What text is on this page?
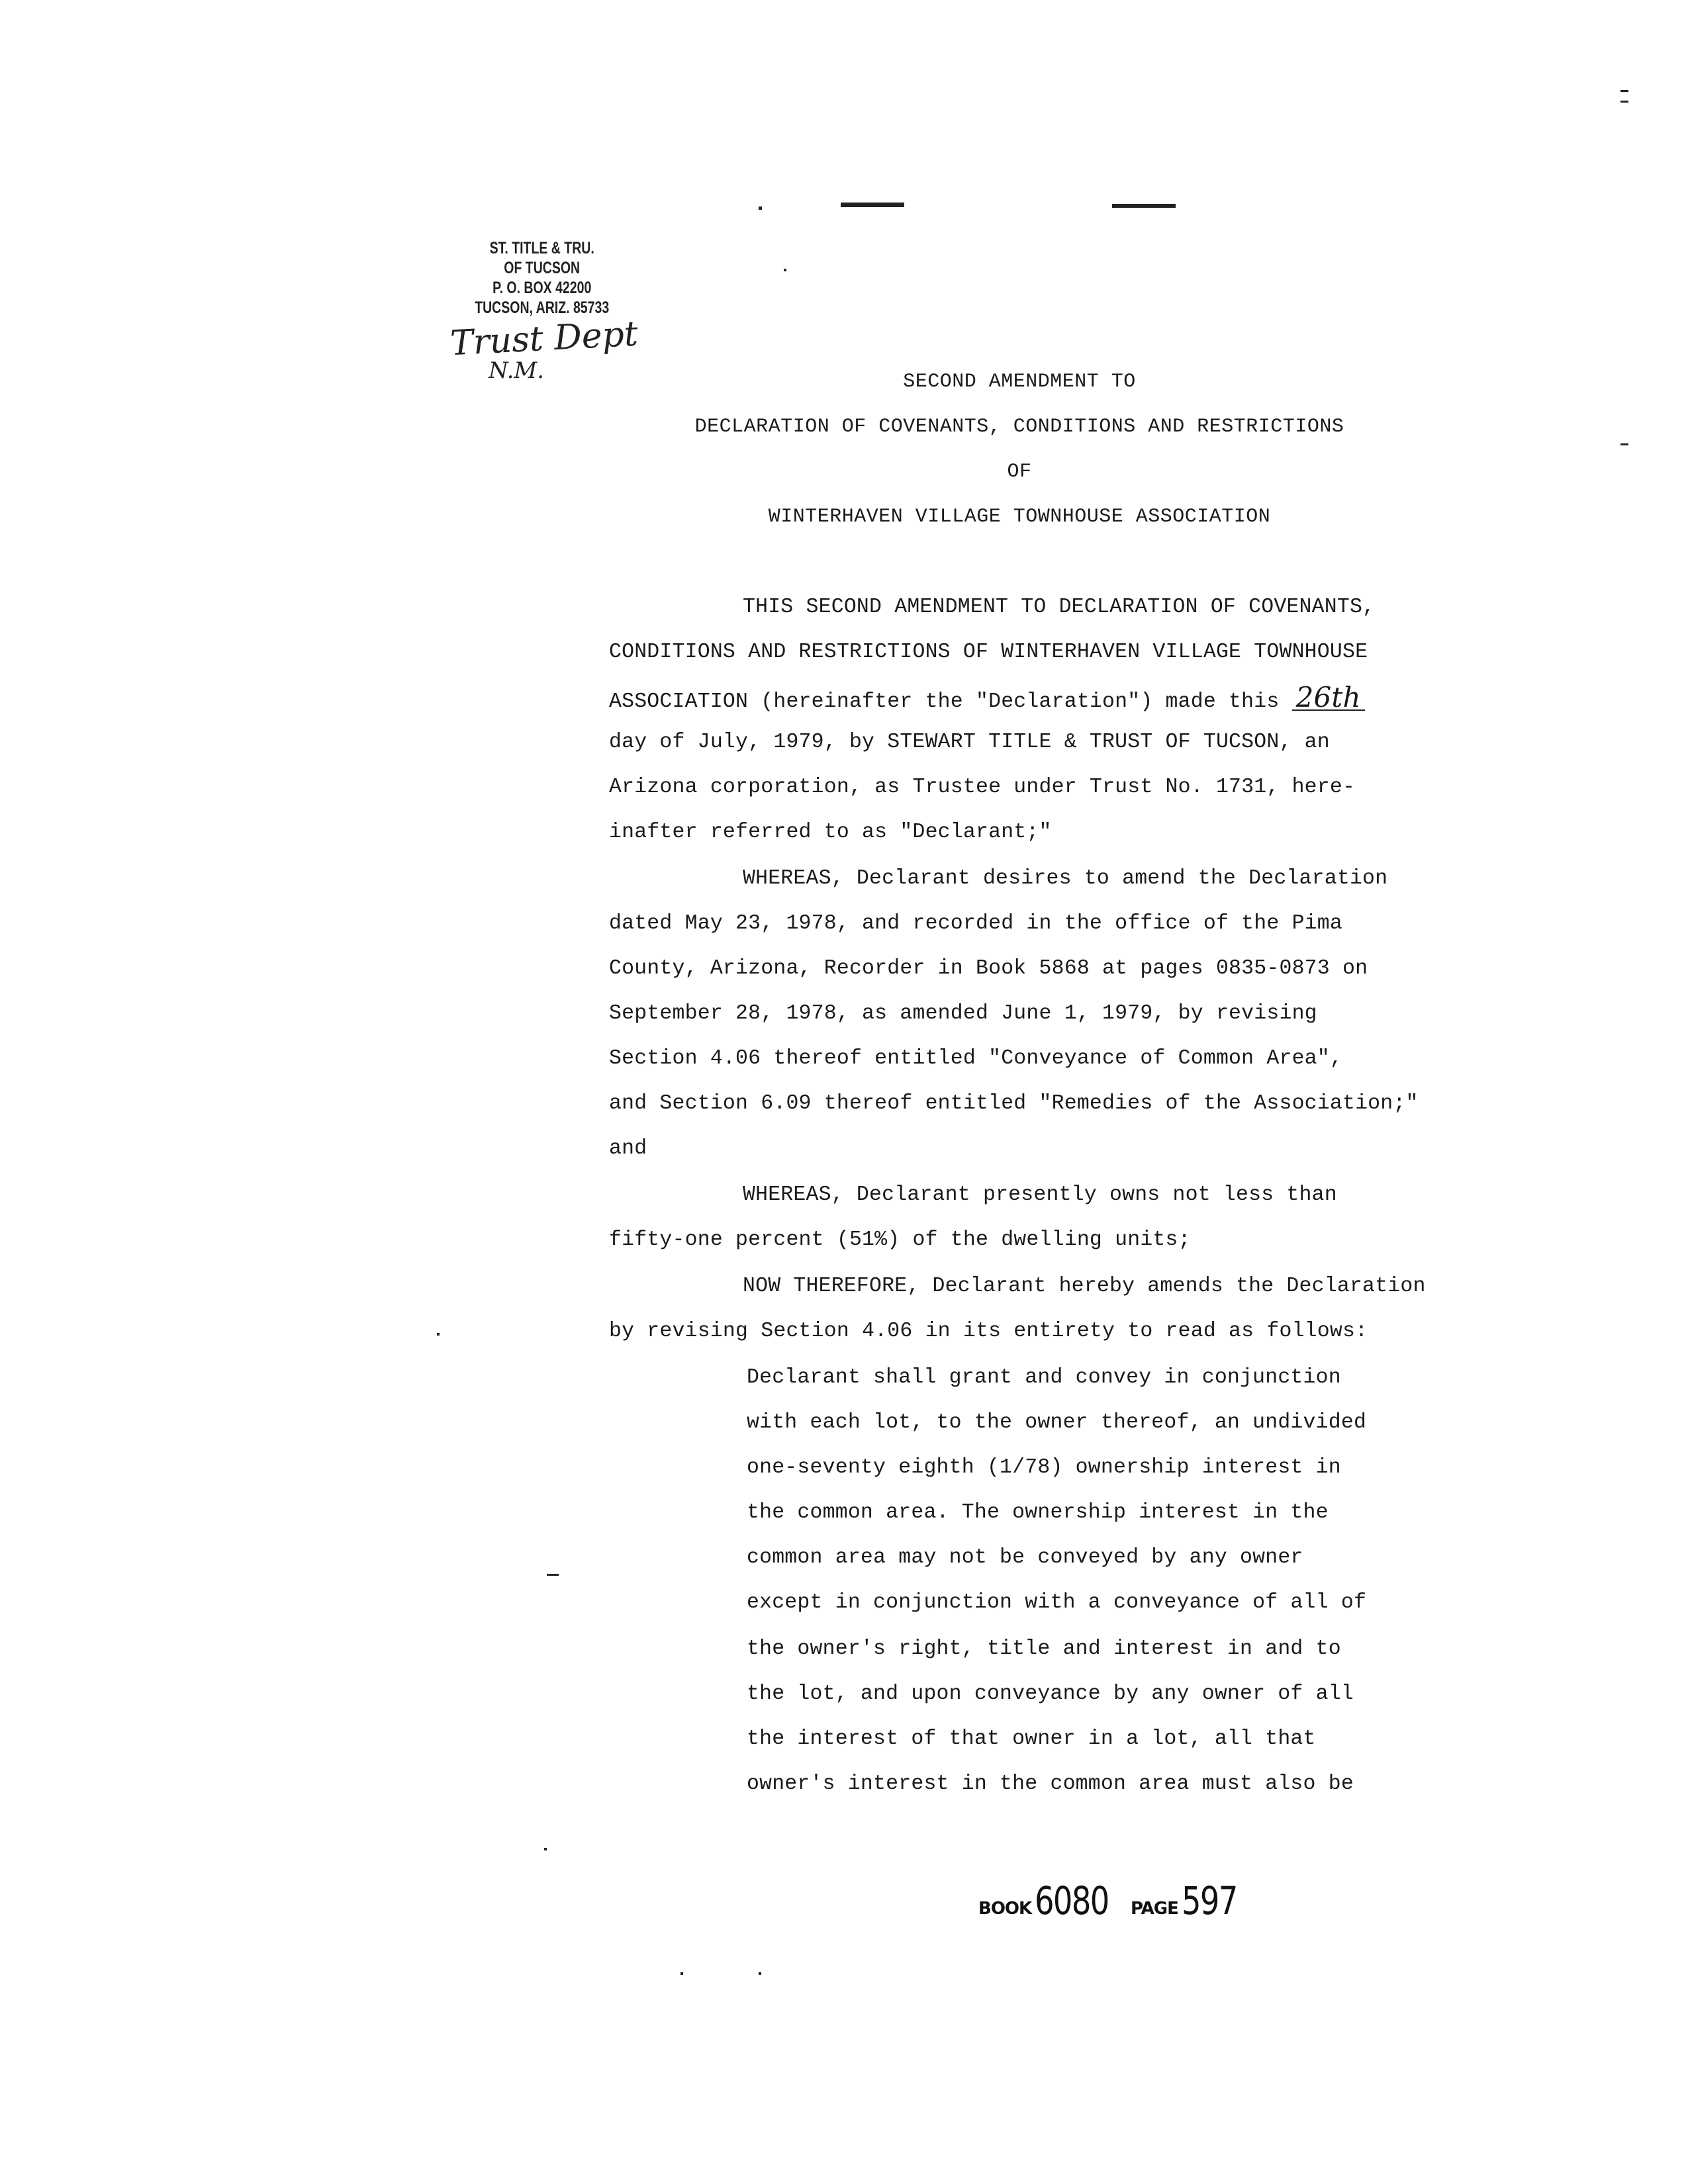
ST. TITLE & TRU.
OF TUCSON
P. O. BOX 42200
TUCSON, ARIZ. 85733
Trust Dept
N.M.	SECOND AMENDMENT TO
DECLARATION OF COVENANTS, CONDITIONS AND RESTRICTIONS
OF
WINTERHAVEN VILLAGE TOWNHOUSE ASSOCIATION
THIS SECOND AMENDMENT TO DECLARATION OF COVENANTS,
CONDITIONS AND RESTRICTIONS OF WINTERHAVEN VILLAGE TOWNHOUSE
ASSOCIATION (hereinafter the "Declaration") made this 26th
day of July, 1979, by STEWART TITLE & TRUST OF TUCSON, an
Arizona corporation, as Trustee under Trust No. 1731, here-
inafter referred to as "Declarant;"
WHEREAS, Declarant desires to amend the Declaration
dated May 23, 1978, and recorded in the office of the Pima
County, Arizona, Recorder in Book 5868 at pages 0835-0873 on
September 28, 1978, as amended June 1, 1979, by revising
Section 4.06 thereof entitled "Conveyance of Common Area",
and Section 6.09 thereof entitled "Remedies of the Association;"
and
WHEREAS, Declarant presently owns not less than
fifty-one percent (51%) of the dwelling units;
NOW THEREFORE, Declarant hereby amends the Declaration
by revising Section 4.06 in its entirety to read as follows:
Declarant shall grant and convey in conjunction
with each lot, to the owner thereof, an undivided
one-seventy eighth (1/78) ownership interest in
the common area. The ownership interest in the
common area may not be conveyed by any owner
except in conjunction with a conveyance of all of
the owner's right, title and interest in and to
the lot, and upon conveyance by any owner of all
the interest of that owner in a lot, all that
owner's interest in the common area must also be
BOOK 6080 PAGE 597
